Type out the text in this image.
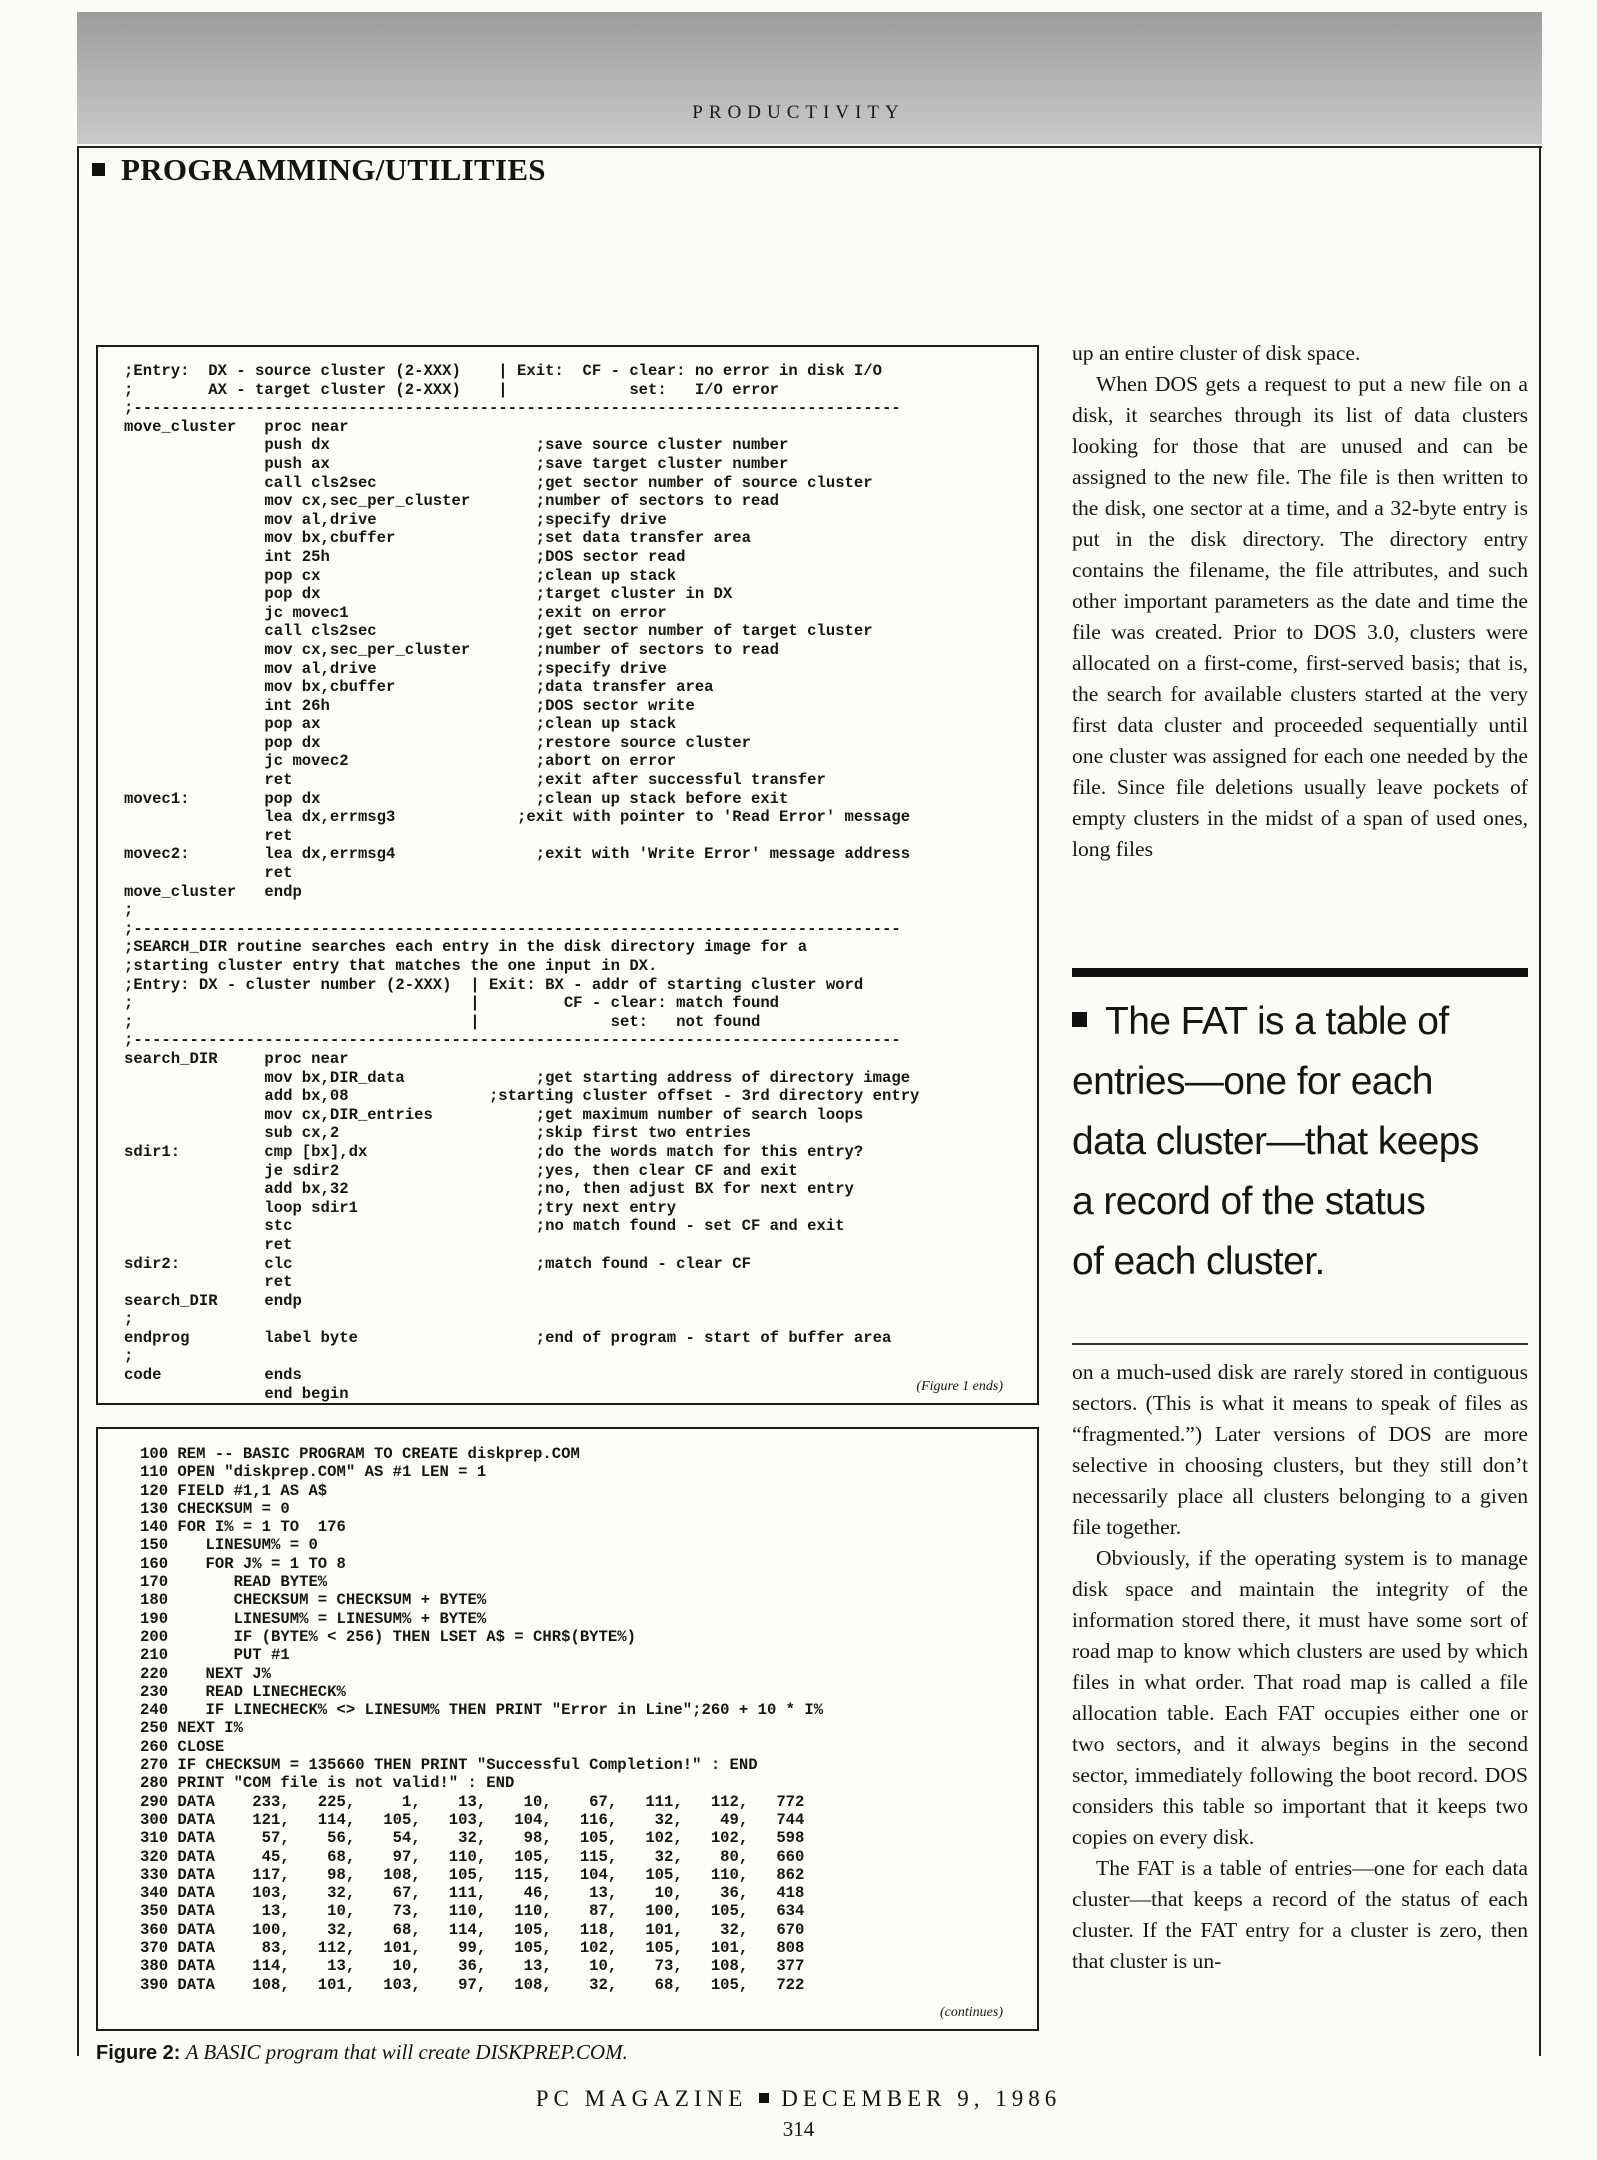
PRODUCTIVITY
PROGRAMMING/UTILITIES
;Entry:  DX - source cluster (2-XXX)    | Exit:  CF - clear: no error in disk I/O
;        AX - target cluster (2-XXX)    |             set:   I/O error
;----------------------------------------------------------------------------------
move_cluster   proc near
push dx                      ;save source cluster number
push ax                      ;save target cluster number
call cls2sec                 ;get sector number of source cluster
mov cx,sec_per_cluster       ;number of sectors to read
mov al,drive                 ;specify drive
mov bx,cbuffer               ;set data transfer area
int 25h                      ;DOS sector read
pop cx                       ;clean up stack
pop dx                       ;target cluster in DX
jc movec1                    ;exit on error
call cls2sec                 ;get sector number of target cluster
mov cx,sec_per_cluster       ;number of sectors to read
mov al,drive                 ;specify drive
mov bx,cbuffer               ;data transfer area
int 26h                      ;DOS sector write
pop ax                       ;clean up stack
pop dx                       ;restore source cluster
jc movec2                    ;abort on error
ret                          ;exit after successful transfer
movec1:        pop dx                       ;clean up stack before exit
lea dx,errmsg3             ;exit with pointer to 'Read Error' message
ret
movec2:        lea dx,errmsg4               ;exit with 'Write Error' message address
ret
move_cluster   endp
;
;----------------------------------------------------------------------------------
;SEARCH_DIR routine searches each entry in the disk directory image for a
;starting cluster entry that matches the one input in DX.
;Entry: DX - cluster number (2-XXX)  | Exit: BX - addr of starting cluster word
;                                    |         CF - clear: match found
;                                    |              set:   not found
;----------------------------------------------------------------------------------
search_DIR     proc near
mov bx,DIR_data              ;get starting address of directory image
add bx,08               ;starting cluster offset - 3rd directory entry
mov cx,DIR_entries           ;get maximum number of search loops
sub cx,2                     ;skip first two entries
sdir1:         cmp [bx],dx                  ;do the words match for this entry?
je sdir2                     ;yes, then clear CF and exit
add bx,32                    ;no, then adjust BX for next entry
loop sdir1                   ;try next entry
stc                          ;no match found - set CF and exit
ret
sdir2:         clc                          ;match found - clear CF
ret
search_DIR     endp
;
endprog        label byte                   ;end of program - start of buffer area
;
code           ends
end begin	(Figure 1 ends)
100 REM -- BASIC PROGRAM TO CREATE diskprep.COM
110 OPEN "diskprep.COM" AS #1 LEN = 1
120 FIELD #1,1 AS A$
130 CHECKSUM = 0
140 FOR I% = 1 TO  176
150    LINESUM% = 0
160    FOR J% = 1 TO 8
170       READ BYTE%
180       CHECKSUM = CHECKSUM + BYTE%
190       LINESUM% = LINESUM% + BYTE%
200       IF (BYTE% < 256) THEN LSET A$ = CHR$(BYTE%)
210       PUT #1
220    NEXT J%
230    READ LINECHECK%
240    IF LINECHECK% <> LINESUM% THEN PRINT "Error in Line";260 + 10 * I%
250 NEXT I%
260 CLOSE
270 IF CHECKSUM = 135660 THEN PRINT "Successful Completion!" : END
280 PRINT "COM file is not valid!" : END
290 DATA    233,   225,     1,    13,    10,    67,   111,   112,   772
300 DATA    121,   114,   105,   103,   104,   116,    32,    49,   744
310 DATA     57,    56,    54,    32,    98,   105,   102,   102,   598
320 DATA     45,    68,    97,   110,   105,   115,    32,    80,   660
330 DATA    117,    98,   108,   105,   115,   104,   105,   110,   862
340 DATA    103,    32,    67,   111,    46,    13,    10,    36,   418
350 DATA     13,    10,    73,   110,   110,    87,   100,   105,   634
360 DATA    100,    32,    68,   114,   105,   118,   101,    32,   670
370 DATA     83,   112,   101,    99,   105,   102,   105,   101,   808
380 DATA    114,    13,    10,    36,    13,    10,    73,   108,   377
390 DATA    108,   101,   103,    97,   108,    32,    68,   105,   722
(continues)
Figure 2: A BASIC program that will create DISKPREP.COM.

up an entire cluster of disk space.

When DOS gets a request to put a new file on a disk, it searches through its list of data clusters looking for those that are unused and can be assigned to the new file. The file is then written to the disk, one sector at a time, and a 32-byte entry is put in the disk directory. The directory entry contains the filename, the file attributes, and such other important parameters as the date and time the file was created. Prior to DOS 3.0, clusters were allocated on a first-come, first-served basis; that is, the search for available clusters started at the very first data cluster and proceeded sequentially until one cluster was assigned for each one needed by the file. Since file deletions usually leave pockets of empty clusters in the midst of a span of used ones, long files

The FAT is a table of
entries—one for each
data cluster—that keeps
a record of the status
of each cluster.

on a much-used disk are rarely stored in contiguous sectors. (This is what it means to speak of files as “fragmented.”) Later versions of DOS are more selective in choosing clusters, but they still don’t necessarily place all clusters belonging to a given file together.

Obviously, if the operating system is to manage disk space and maintain the integrity of the information stored there, it must have some sort of road map to know which clusters are used by which files in what order. That road map is called a file allocation table. Each FAT occupies either one or two sectors, and it always begins in the second sector, immediately following the boot record. DOS considers this table so important that it keeps two copies on every disk.

The FAT is a table of entries—one for each data cluster—that keeps a record of the status of each cluster. If the FAT entry for a cluster is zero, then that cluster is un-

PC MAGAZINE DECEMBER 9, 1986
314
